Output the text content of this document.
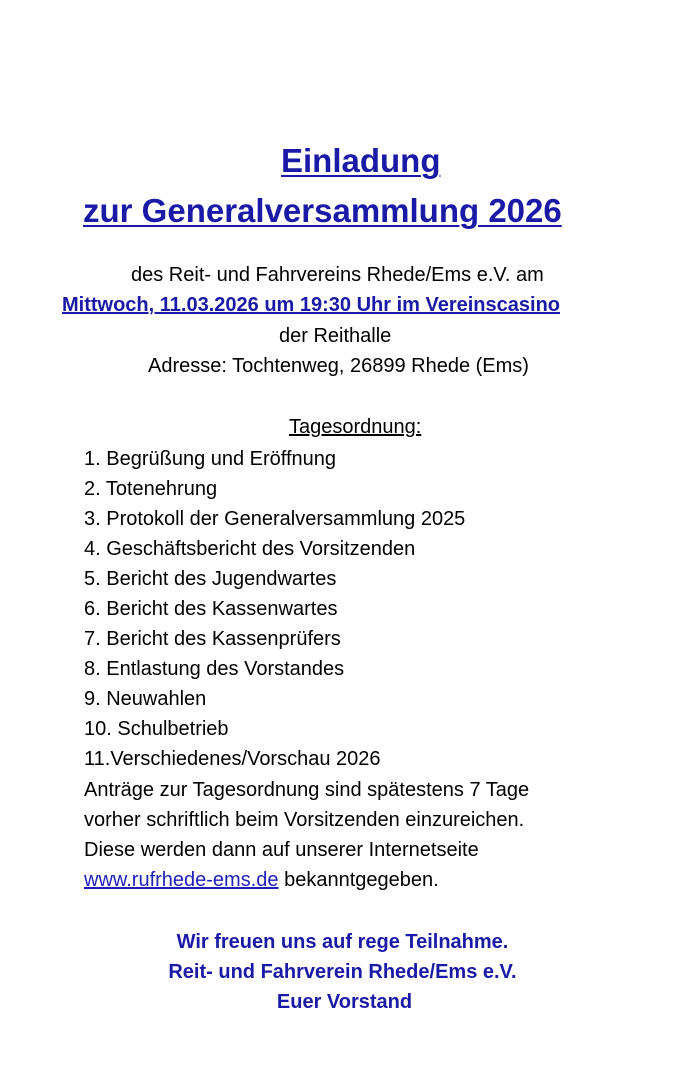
Einladung
zur Generalversammlung 2026
des Reit- und Fahrvereins Rhede/Ems e.V. am
Mittwoch, 11.03.2026 um 19:30 Uhr im Vereinscasino
der Reithalle
Adresse: Tochtenweg, 26899 Rhede (Ems)
Tagesordnung:
1. Begrüßung und Eröffnung
2. Totenehrung
3. Protokoll der Generalversammlung 2025
4. Geschäftsbericht des Vorsitzenden
5. Bericht des Jugendwartes
6. Bericht des Kassenwartes
7. Bericht des Kassenprüfers
8. Entlastung des Vorstandes
9. Neuwahlen
10. Schulbetrieb
11.Verschiedenes/Vorschau 2026
Anträge zur Tagesordnung sind spätestens 7 Tage
vorher schriftlich beim Vorsitzenden einzureichen.
Diese werden dann auf unserer Internetseite
www.rufrhede-ems.de bekanntgegeben.
Wir freuen uns auf rege Teilnahme.
Reit- und Fahrverein Rhede/Ems e.V.
Euer Vorstand
